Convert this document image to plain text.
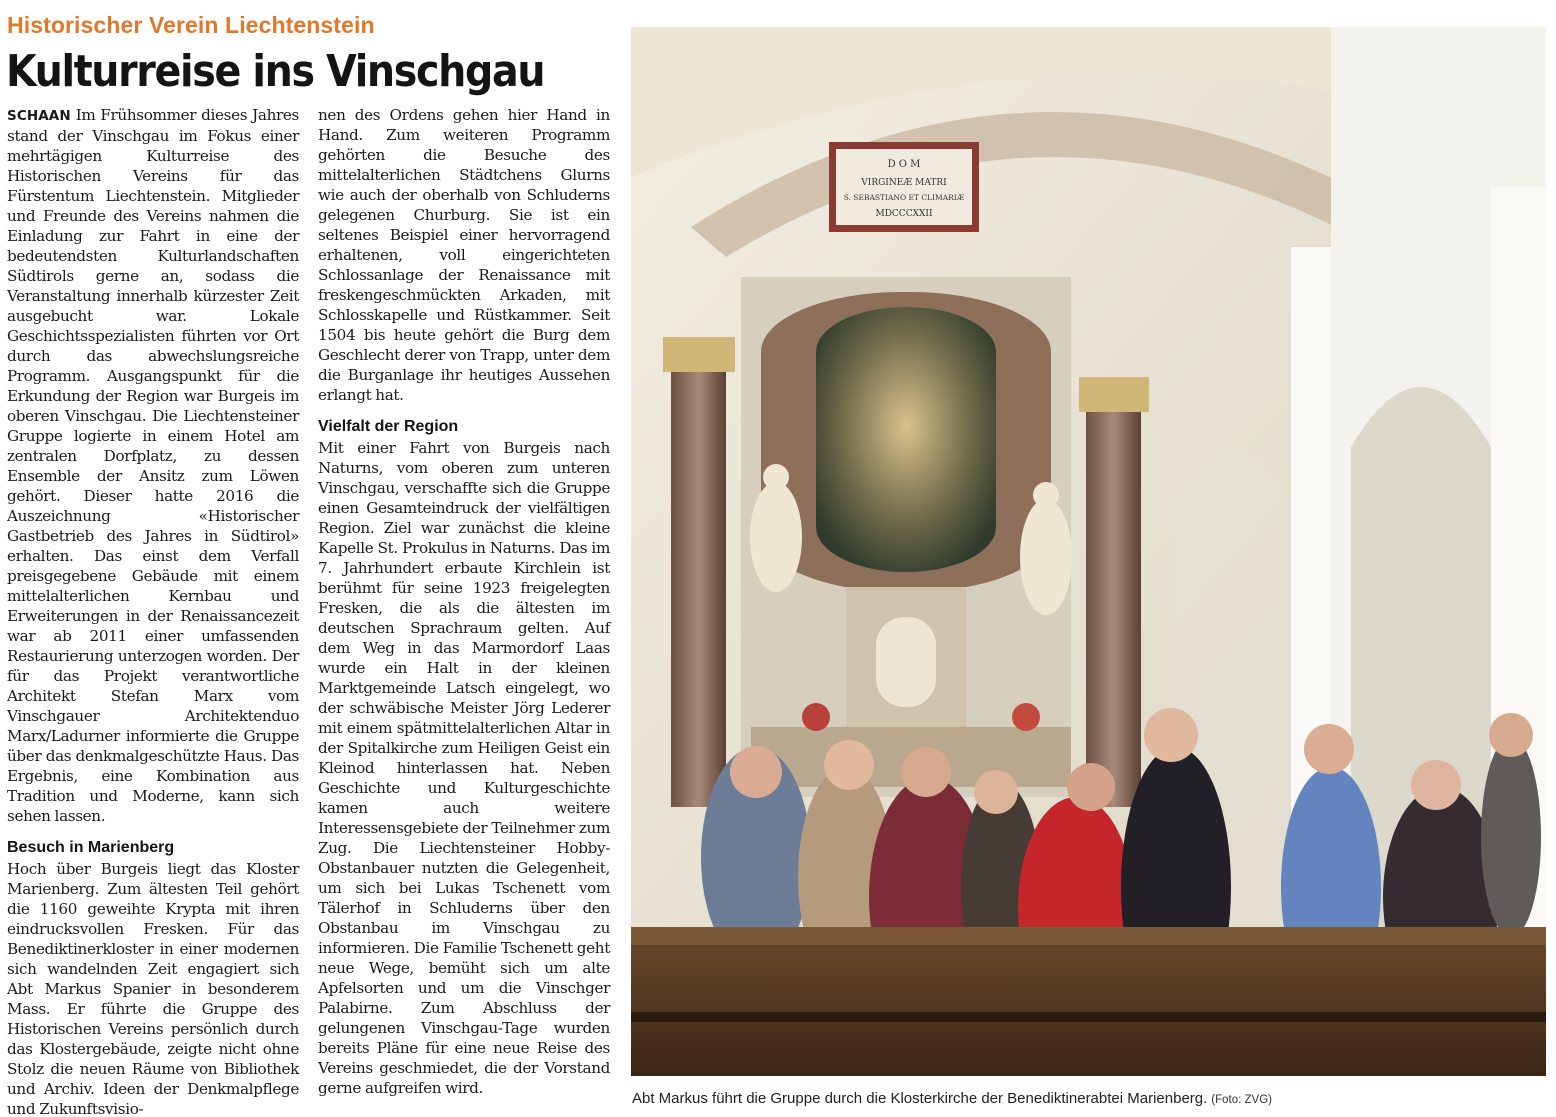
Historischer Verein Liechtenstein
Kulturreise ins Vinschgau

SCHAAN Im Frühsommer dieses Jahres stand der Vinschgau im Fokus einer mehrtägigen Kulturreise des Historischen Vereins für das Fürstentum Liechtenstein. Mitglieder und Freunde des Vereins nahmen die Einladung zur Fahrt in eine der bedeutendsten Kulturlandschaften Südtirols gerne an, sodass die Veranstaltung innerhalb kürzester Zeit ausgebucht war. Lokale Geschichtsspezialisten führten vor Ort durch das abwechslungsreiche Programm. Ausgangspunkt für die Erkundung der Region war Burgeis im oberen Vinschgau. Die Liechtensteiner Gruppe logierte in einem Hotel am zentralen Dorfplatz, zu dessen Ensemble der Ansitz zum Löwen gehört. Dieser hatte 2016 die Auszeichnung «Historischer Gastbetrieb des Jahres in Südtirol» erhalten. Das einst dem Verfall preisgegebene Gebäude mit einem mittelalterlichen Kernbau und Erweiterungen in der Renaissancezeit war ab 2011 einer umfassenden Restaurierung unterzogen worden. Der für das Projekt verantwortliche Architekt Stefan Marx vom Vinschgauer Architektenduo Marx/Ladurner informierte die Gruppe über das denkmalgeschützte Haus. Das Ergebnis, eine Kombination aus Tradition und Moderne, kann sich sehen lassen.

Besuch in Marienberg

Hoch über Burgeis liegt das Kloster Marienberg. Zum ältesten Teil gehört die 1160 geweihte Krypta mit ihren eindrucksvollen Fresken. Für das Benediktinerkloster in einer modernen sich wandelnden Zeit engagiert sich Abt Markus Spanier in besonderem Mass. Er führte die Gruppe des Historischen Vereins persönlich durch das Klostergebäude, zeigte nicht ohne Stolz die neuen Räume von Bibliothek und Archiv. Ideen der Denkmalpflege und Zukunftsvisio-

nen des Ordens gehen hier Hand in Hand. Zum weiteren Programm gehörten die Besuche des mittelalterlichen Städtchens Glurns wie auch der oberhalb von Schluderns gelegenen Churburg. Sie ist ein seltenes Beispiel einer hervorragend erhaltenen, voll eingerichteten Schlossanlage der Renaissance mit freskengeschmückten Arkaden, mit Schlosskapelle und Rüstkammer. Seit 1504 bis heute gehört die Burg dem Geschlecht derer von Trapp, unter dem die Burganlage ihr heutiges Aussehen erlangt hat.

Vielfalt der Region

Mit einer Fahrt von Burgeis nach Naturns, vom oberen zum unteren Vinschgau, verschaffte sich die Gruppe einen Gesamteindruck der vielfältigen Region. Ziel war zunächst die kleine Kapelle St. Prokulus in Naturns. Das im 7. Jahrhundert erbaute Kirchlein ist berühmt für seine 1923 freigelegten Fresken, die als die ältesten im deutschen Sprachraum gelten. Auf dem Weg in das Marmordorf Laas wurde ein Halt in der kleinen Marktgemeinde Latsch eingelegt, wo der schwäbische Meister Jörg Lederer mit einem spätmittelalterlichen Altar in der Spitalkirche zum Heiligen Geist ein Kleinod hinterlassen hat. Neben Geschichte und Kulturgeschichte kamen auch weitere Interessensgebiete der Teilnehmer zum Zug. Die Liechtensteiner Hobby-Obstanbauer nutzten die Gelegenheit, um sich bei Lukas Tschenett vom Tälerhof in Schluderns über den Obstanbau im Vinschgau zu informieren. Die Familie Tschenett geht neue Wege, bemüht sich um alte Apfelsorten und um die Vinschger Palabirne. Zum Abschluss der gelungenen Vinschgau-Tage wurden bereits Pläne für eine neue Reise des Vereins geschmiedet, die der Vorstand gerne aufgreifen wird.

D O M
VIRGINEÆ MATRI
S. SEBASTIANO ET CLIMARIÆ
MDCCCXXII
Abt Markus führt die Gruppe durch die Klosterkirche der Benediktinerabtei Marienberg. (Foto: ZVG)
